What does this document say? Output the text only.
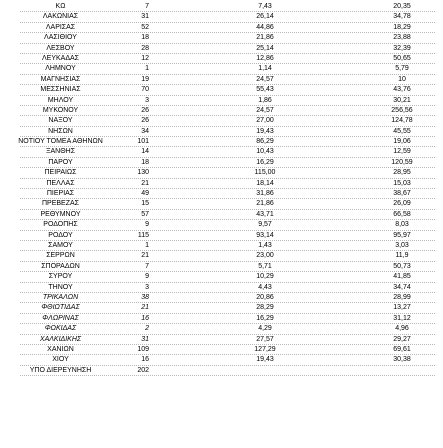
ΚΩ	7	7,43	20,35
ΛΑΚΩΝΙΑΣ	31	26,14	34,78
ΛΑΡΙΣΑΣ	52	44,86	18,29
ΛΑΣΙΘΙΟΥ	18	21,86	23,88
ΛΕΣΒΟΥ	28	25,14	32,39
ΛΕΥΚΑΔΑΣ	12	12,86	50,65
ΛΗΜΝΟΥ	1	1,14	5,79
ΜΑΓΝΗΣΙΑΣ	19	24,57	10
ΜΕΣΣΗΝΙΑΣ	70	55,43	43,76
ΜΗΛΟΥ	3	1,86	30,21
ΜΥΚΟΝΟΥ	26	24,57	256,56
ΝΑΞΟΥ	26	27,00	124,78
ΝΗΣΩΝ	34	19,43	45,55
ΝΟΤΙΟΥ ΤΟΜΕΑ ΑΘΗΝΩΝ	101	86,29	19,06
ΞΑΝΘΗΣ	14	10,43	12,59
ΠΑΡΟΥ	18	16,29	120,59
ΠΕΙΡΑΙΩΣ	130	115,00	28,95
ΠΕΛΛΑΣ	21	18,14	15,03
ΠΙΕΡΙΑΣ	49	31,86	38,67
ΠΡΕΒΕΖΑΣ	15	21,86	26,09
ΡΕΘΥΜΝΟΥ	57	43,71	66,58
ΡΟΔΟΠΗΣ	9	9,57	8,03
ΡΟΔΟΥ	115	93,14	95,97
ΣΑΜΟΥ	1	1,43	3,03
ΣΕΡΡΩΝ	21	23,00	11,9
ΣΠΟΡΑΔΩΝ	7	5,71	50,73
ΣΥΡΟΥ	9	10,29	41,85
ΤΗΝΟΥ	3	4,43	34,74
ΤΡΙΚΑΛΩΝ	38	20,86	28,99
ΦΘΙΩΤΙΔΑΣ	21	28,29	13,27
ΦΛΩΡΙΝΑΣ	16	16,29	31,12
ΦΩΚΙΔΑΣ	2	4,29	4,96
ΧΑΛΚΙΔΙΚΗΣ	31	27,57	29,27
ΧΑΝΙΩΝ	109	127,29	69,61
ΧΙΟΥ	16	19,43	30,38
ΥΠΟ ΔΙΕΡΕΥΝΗΣΗ	202
